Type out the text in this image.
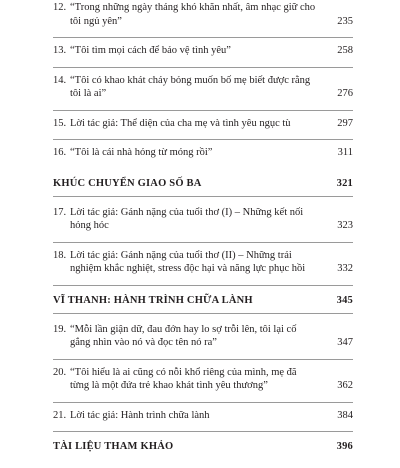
12. “Trong những ngày tháng khó khăn nhất, âm nhạc giữ cho tôi ngủ yên”	235
13. “Tôi tìm mọi cách để bảo vệ tình yêu”	258
14. “Tôi có khao khát cháy bỏng muốn bố mẹ biết được rằng tôi là ai”	276
15. Lời tác giả: Thể diện của cha mẹ và tình yêu ngục tù	297
16. “Tôi là cái nhà hỏng từ móng rồi”	311
KHÚC CHUYỂN GIAO SỐ BA	321
17. Lời tác giả: Gánh nặng của tuổi thơ (I) – Những kết nối hỏng hóc	323
18. Lời tác giả: Gánh nặng của tuổi thơ (II) – Những trải nghiệm khắc nghiệt, stress độc hại và năng lực phục hồi	332
VĨ THANH: HÀNH TRÌNH CHỮA LÀNH	345
19. “Mỗi lần giận dữ, đau đớn hay lo sợ trỗi lên, tôi lại cố gắng nhìn vào nó và đọc tên nó ra”	347
20. “Tôi hiểu là ai cũng có nỗi khổ riêng của mình, mẹ đã từng là một đứa trẻ khao khát tình yêu thương”	362
21. Lời tác giả: Hành trình chữa lành	384
TÀI LIỆU THAM KHẢO	396
